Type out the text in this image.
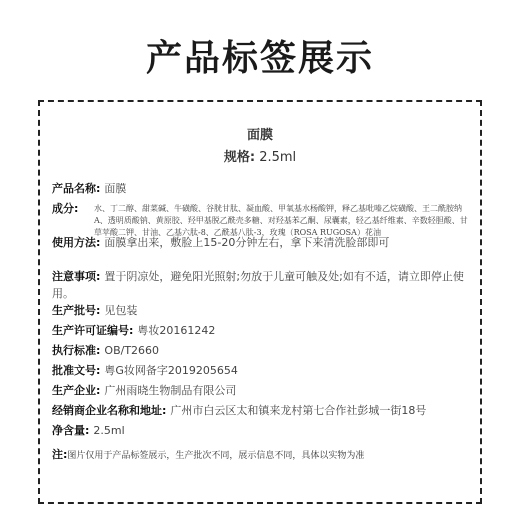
产品标签展示
面膜
规格: 2.5ml
产品名称: 面膜
成分: 水、丁二醇、甜菜碱、牛磺酸、谷胱甘肽、凝血酸、甲氧基水杨酸钾，释乙基吡嗪乙烷磺酸、王二酰胺纳A、透明质酸钠、黄原胶、羟甲基脱乙酰壳多糖、对羟基苯乙酮、尿囊素，轻乙基纤维素、辛数轻胆酸、甘草苹酸二钾、甘油、乙基六肽-8、乙酰基八肽-3，玫瑰（ROSA RUGOSA）花油
使用方法: 面膜拿出来，敷脸上15-20分钟左右，拿下来清洗脸部即可
注意事项: 置于阴凉处，避免阳光照射;勿放于儿童可触及处;如有不适，请立即停止使用。
生产批号: 见包装
生产许可证编号: 粤妆20161242
执行标准: OB/T2660
批准文号: 粤G妆网备字2019205654
生产企业: 广州雨晓生物制品有限公司
经销商企业名称和地址: 广州市白云区太和镇来龙村第七合作社彭城一街18号
净含量: 2.5ml
注:图片仅用于产品标签展示，生产批次不同，展示信息不同，具体以实物为准
